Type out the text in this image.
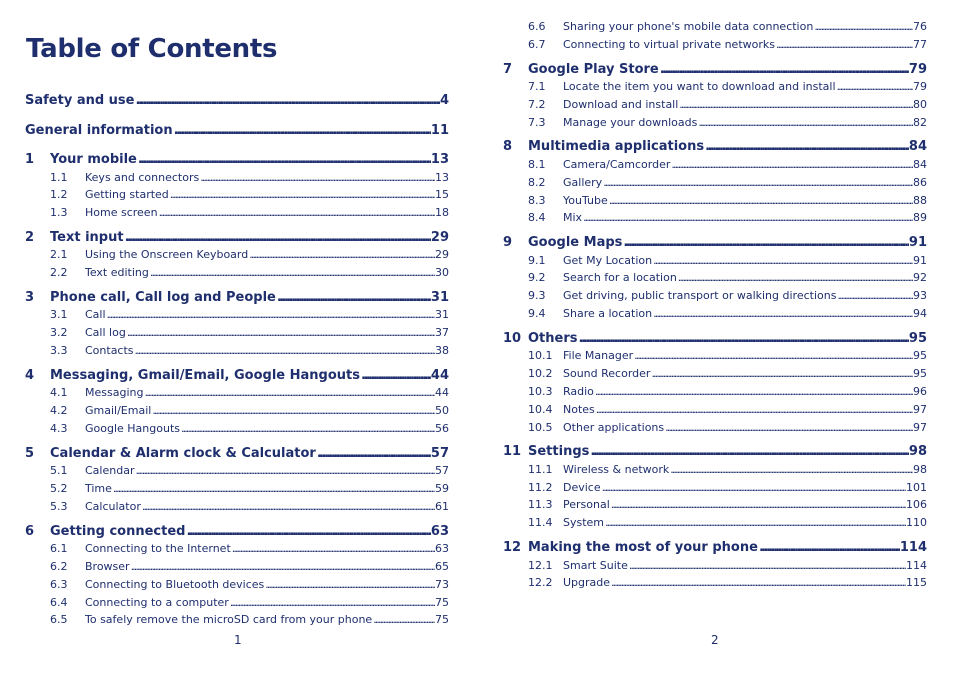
Table of Contents
Safety and use .....	4
General information .....	11
1	Your mobile .....	13
1.1	Keys and connectors .....	13
1.2	Getting started .....	15
1.3	Home screen .....	18
2	Text input .....	29
2.1	Using the Onscreen Keyboard .....	29
2.2	Text editing .....	30
3	Phone call, Call log and People .....	31
3.1	Call .....	31
3.2	Call log .....	37
3.3	Contacts .....	38
4	Messaging, Gmail/Email, Google Hangouts .....	44
4.1	Messaging .....	44
4.2	Gmail/Email .....	50
4.3	Google Hangouts .....	56
5	Calendar & Alarm clock & Calculator .....	57
5.1	Calendar .....	57
5.2	Time .....	59
5.3	Calculator .....	61
6	Getting connected .....	63
6.1	Connecting to the Internet .....	63
6.2	Browser .....	65
6.3	Connecting to Bluetooth devices .....	73
6.4	Connecting to a computer .....	75
6.5	To safely remove the microSD card from your phone .....	75
1
6.6	Sharing your phone's mobile data connection .....	76
6.7	Connecting to virtual private networks .....	77
7	Google Play Store .....	79
7.1	Locate the item you want to download and install .....	79
7.2	Download and install .....	80
7.3	Manage your downloads .....	82
8	Multimedia applications .....	84
8.1	Camera/Camcorder .....	84
8.2	Gallery .....	86
8.3	YouTube .....	88
8.4	Mix .....	89
9	Google Maps .....	91
9.1	Get My Location .....	91
9.2	Search for a location .....	92
9.3	Get driving, public transport or walking directions .....	93
9.4	Share a location .....	94
10 Others .....	95
10.1 File Manager .....	95
10.2 Sound Recorder .....	95
10.3 Radio .....	96
10.4 Notes .....	97
10.5 Other applications .....	97
11 Settings .....	98
11.1 Wireless & network .....	98
11.2 Device .....	101
11.3 Personal .....	106
11.4 System .....	110
12 Making the most of your phone .....	114
12.1 Smart Suite .....	114
12.2 Upgrade .....	115
2
